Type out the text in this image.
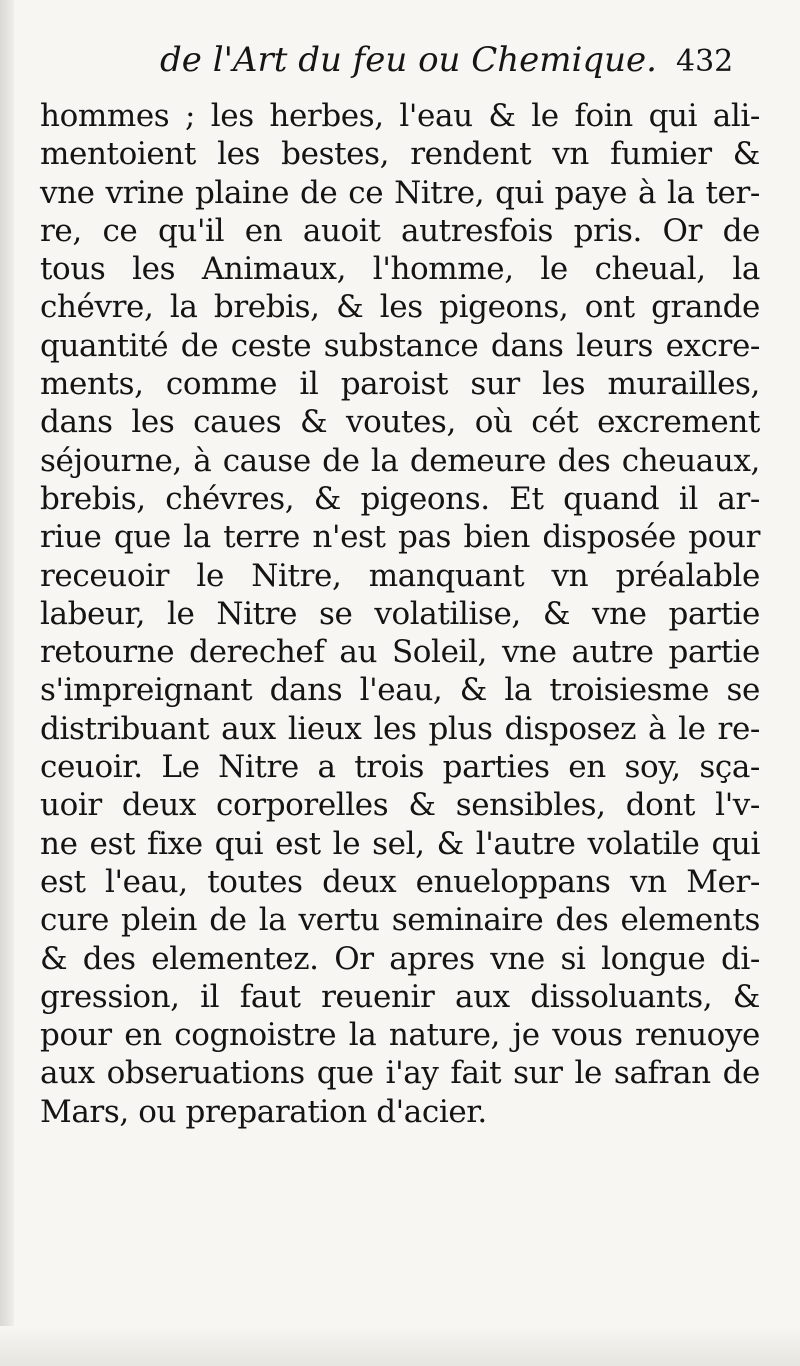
de l'Art du feu ou Chemique. 432
hommes ; les herbes, l'eau & le foin qui ali-
mentoient les bestes, rendent vn fumier &
vne vrine plaine de ce Nitre, qui paye à la ter-
re, ce qu'il en auoit autresfois pris. Or de
tous les Animaux, l'homme, le cheual, la
chévre, la brebis, & les pigeons, ont grande
quantité de ceste substance dans leurs excre-
ments, comme il paroist sur les murailles,
dans les caues & voutes, où cét excrement
séjourne, à cause de la demeure des cheuaux,
brebis, chévres, & pigeons. Et quand il ar-
riue que la terre n'est pas bien disposée pour
receuoir le Nitre, manquant vn préalable
labeur, le Nitre se volatilise, & vne partie
retourne derechef au Soleil, vne autre partie
s'impreignant dans l'eau, & la troisiesme se
distribuant aux lieux les plus disposez à le re-
ceuoir. Le Nitre a trois parties en soy, sça-
uoir deux corporelles & sensibles, dont l'v-
ne est fixe qui est le sel, & l'autre volatile qui
est l'eau, toutes deux enueloppans vn Mer-
cure plein de la vertu seminaire des elements
& des elementez. Or apres vne si longue di-
gression, il faut reuenir aux dissoluants, &
pour en cognoistre la nature, je vous renuoye
aux obseruations que i'ay fait sur le safran de
Mars, ou preparation d'acier.
